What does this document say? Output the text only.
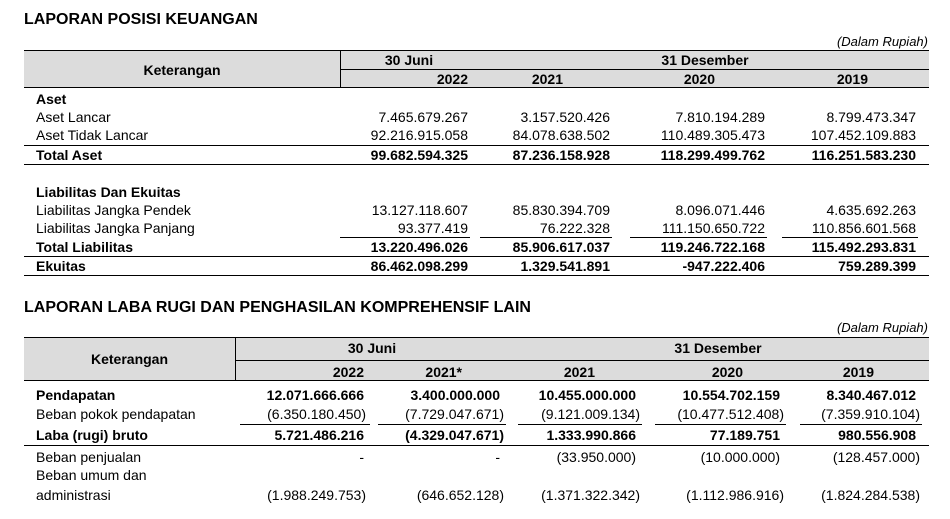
LAPORAN POSISI KEUANGAN
(Dalam Rupiah)
Keterangan
30 Juni	31 Desember
2022	2021	2020	2019
Aset
Aset Lancar	7.465.679.267	3.157.520.426	7.810.194.289	8.799.473.347
Aset Tidak Lancar	92.216.915.058	84.078.638.502	110.489.305.473	107.452.109.883
Total Aset	99.682.594.325	87.236.158.928	118.299.499.762	116.251.583.230
Liabilitas Dan Ekuitas
Liabilitas Jangka Pendek	13.127.118.607	85.830.394.709	8.096.071.446	4.635.692.263
Liabilitas Jangka Panjang	93.377.419	76.222.328	111.150.650.722	110.856.601.568
Total Liabilitas	13.220.496.026	85.906.617.037	119.246.722.168	115.492.293.831
Ekuitas	86.462.098.299	1.329.541.891	-947.222.406	759.289.399
LAPORAN LABA RUGI DAN PENGHASILAN KOMPREHENSIF LAIN
(Dalam Rupiah)
Keterangan
30 Juni	31 Desember
2022	2021*	2021	2020	2019
Pendapatan	12.071.666.666	3.400.000.000	10.455.000.000	10.554.702.159	8.340.467.012
Beban pokok pendapatan	(6.350.180.450)	(7.729.047.671)	(9.121.009.134)	(10.477.512.408)	(7.359.910.104)
Laba (rugi) bruto	5.721.486.216	(4.329.047.671)	1.333.990.866	77.189.751	980.556.908
Beban penjualan	-	-	(33.950.000)	(10.000.000)	(128.457.000)
Beban umum dan
administrasi	(1.988.249.753)	(646.652.128)	(1.371.322.342)	(1.112.986.916)	(1.824.284.538)
